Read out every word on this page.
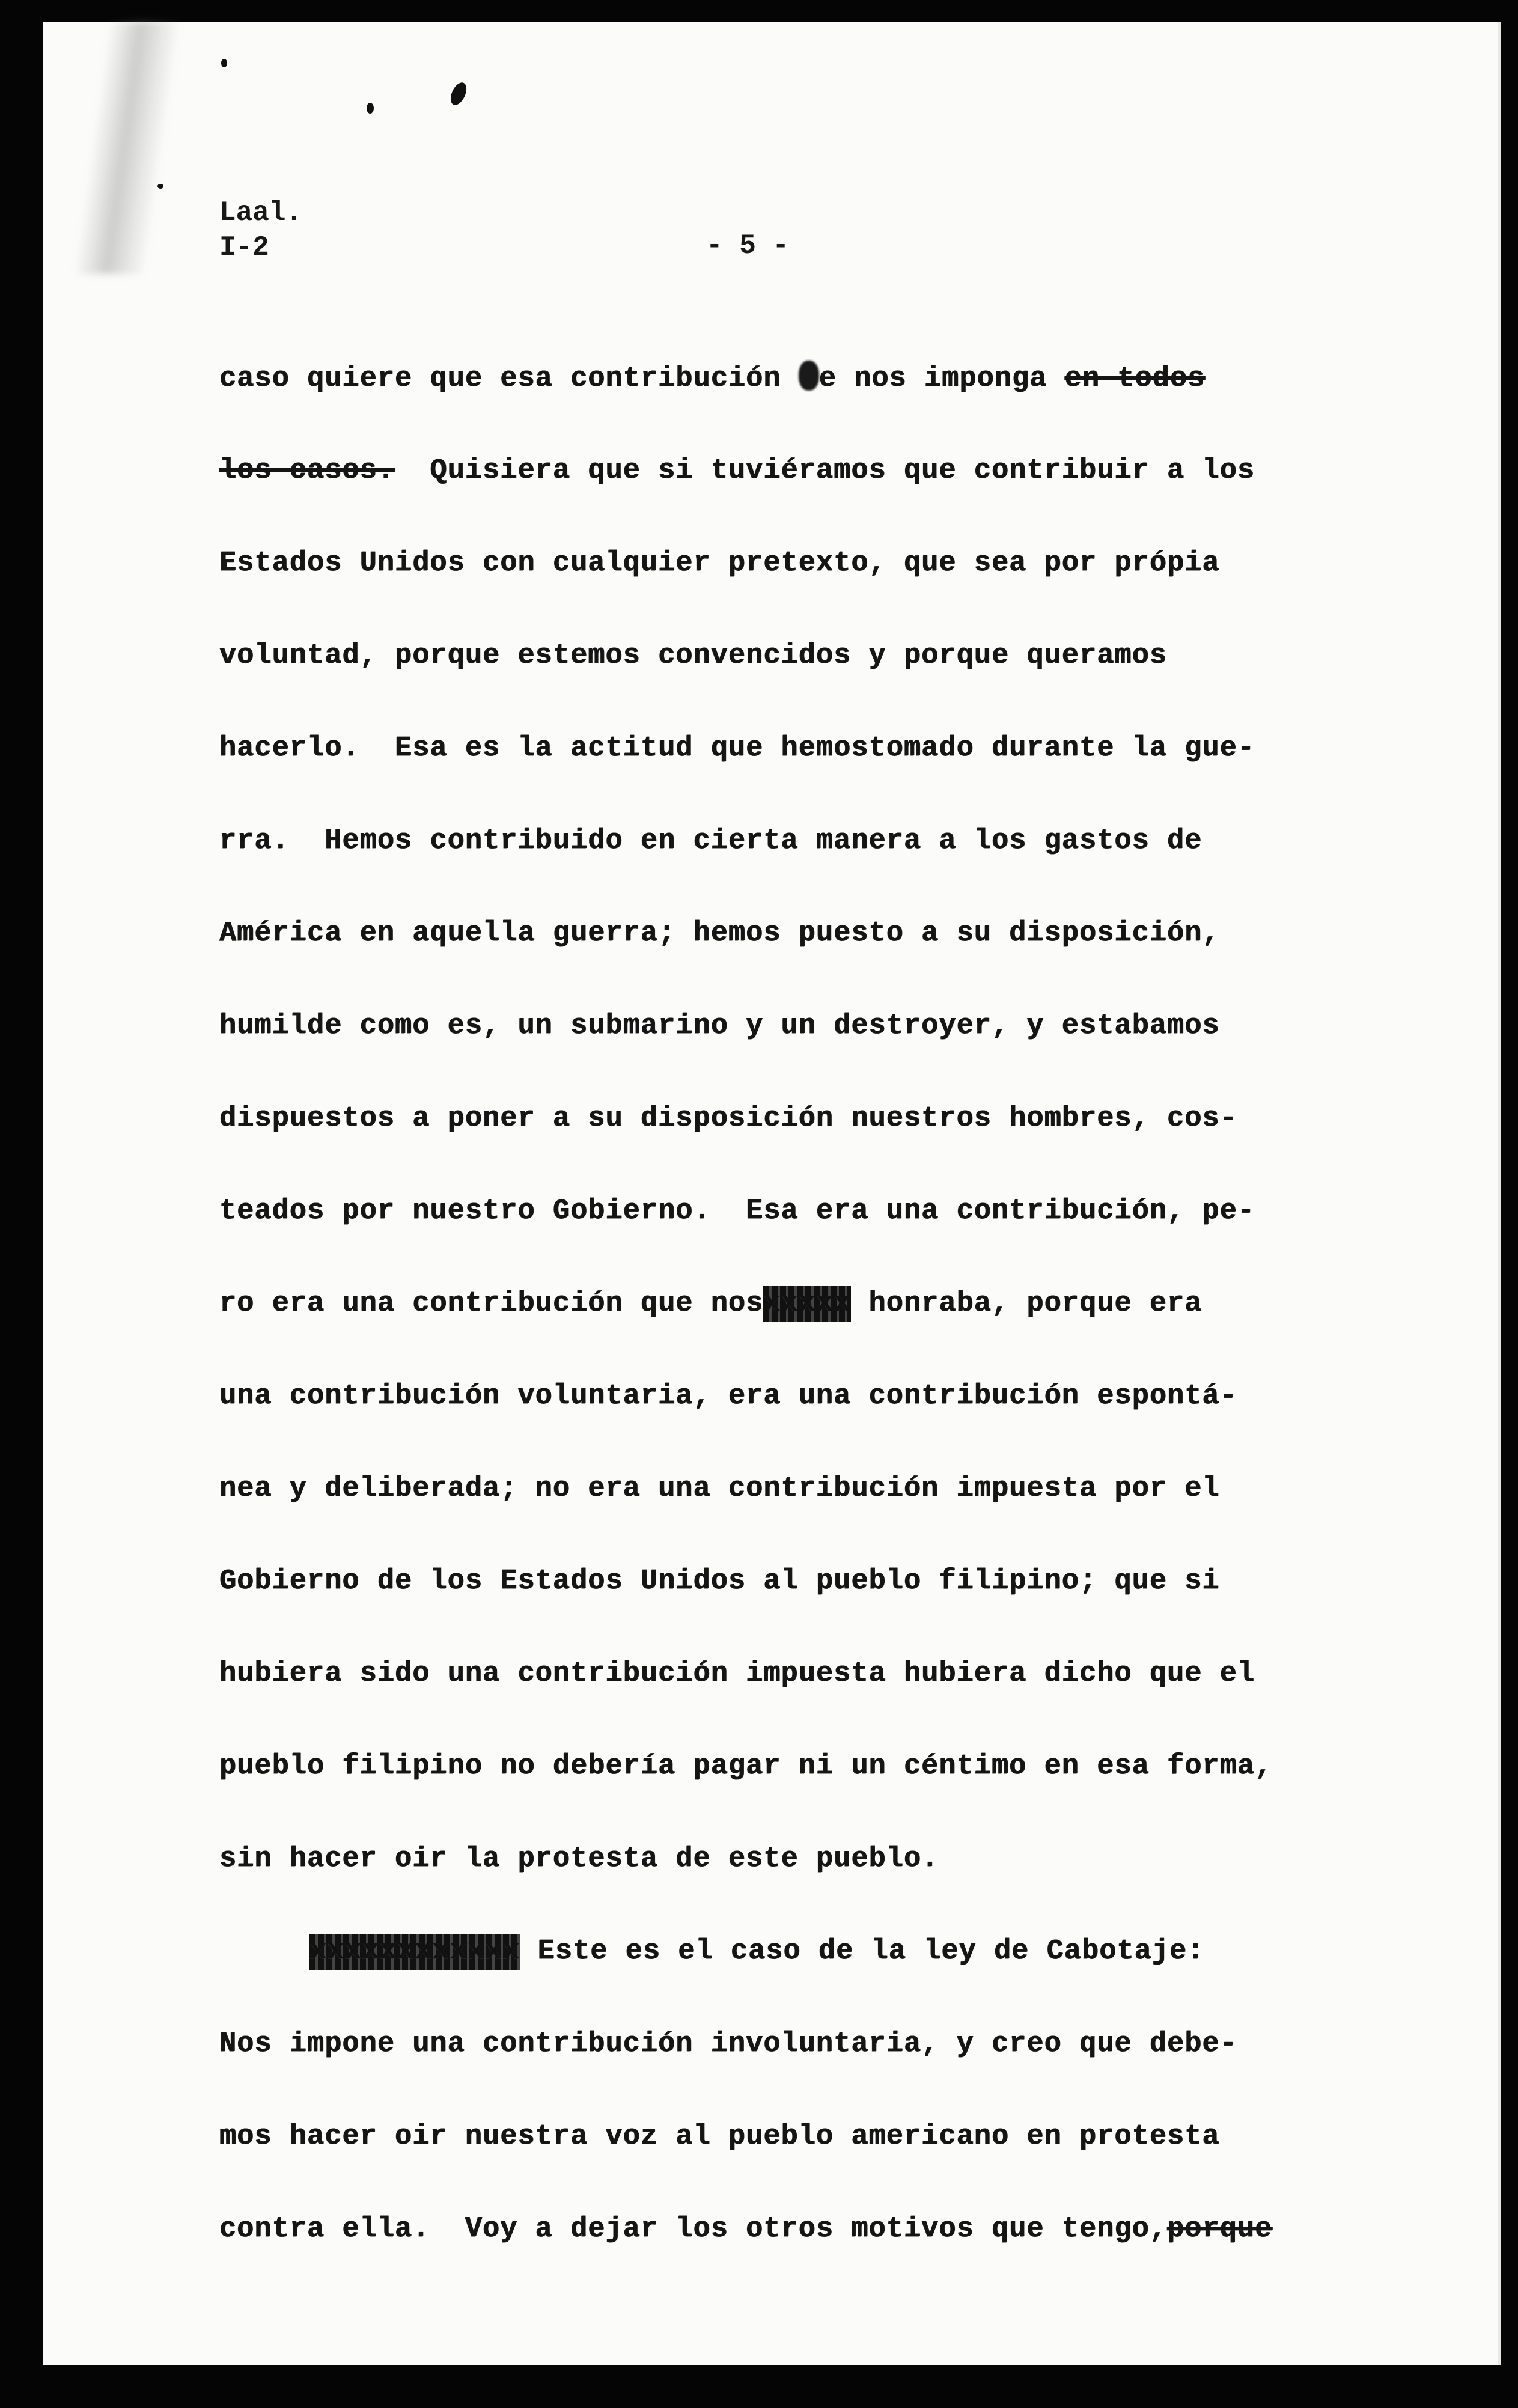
Laal.
I-2	- 5 -
caso quiere que esa contribución e nos imponga en todos
los casos.  Quisiera que si tuviéramos que contribuir a los
Estados Unidos con cualquier pretexto, que sea por própia
voluntad, porque estemos convencidos y porque queramos
hacerlo.  Esa es la actitud que hemostomado durante la gue-
rra.  Hemos contribuido en cierta manera a los gastos de
América en aquella guerra; hemos puesto a su disposición,
humilde como es, un submarino y un destroyer, y estabamos
dispuestos a poner a su disposición nuestros hombres, cos-
teados por nuestro Gobierno.  Esa era una contribución, pe-
ro era una contribución que nosxxxxx honraba, porque era
una contribución voluntaria, era una contribución espontá-
nea y deliberada; no era una contribución impuesta por el
Gobierno de los Estados Unidos al pueblo filipino; que si
hubiera sido una contribución impuesta hubiera dicho que el
pueblo filipino no debería pagar ni un céntimo en esa forma,
sin hacer oir la protesta de este pueblo.
xxxxxxxxxxxx Este es el caso de la ley de Cabotaje:
Nos impone una contribución involuntaria, y creo que debe-
mos hacer oir nuestra voz al pueblo americano en protesta
contra ella.  Voy a dejar los otros motivos que tengo,porque
